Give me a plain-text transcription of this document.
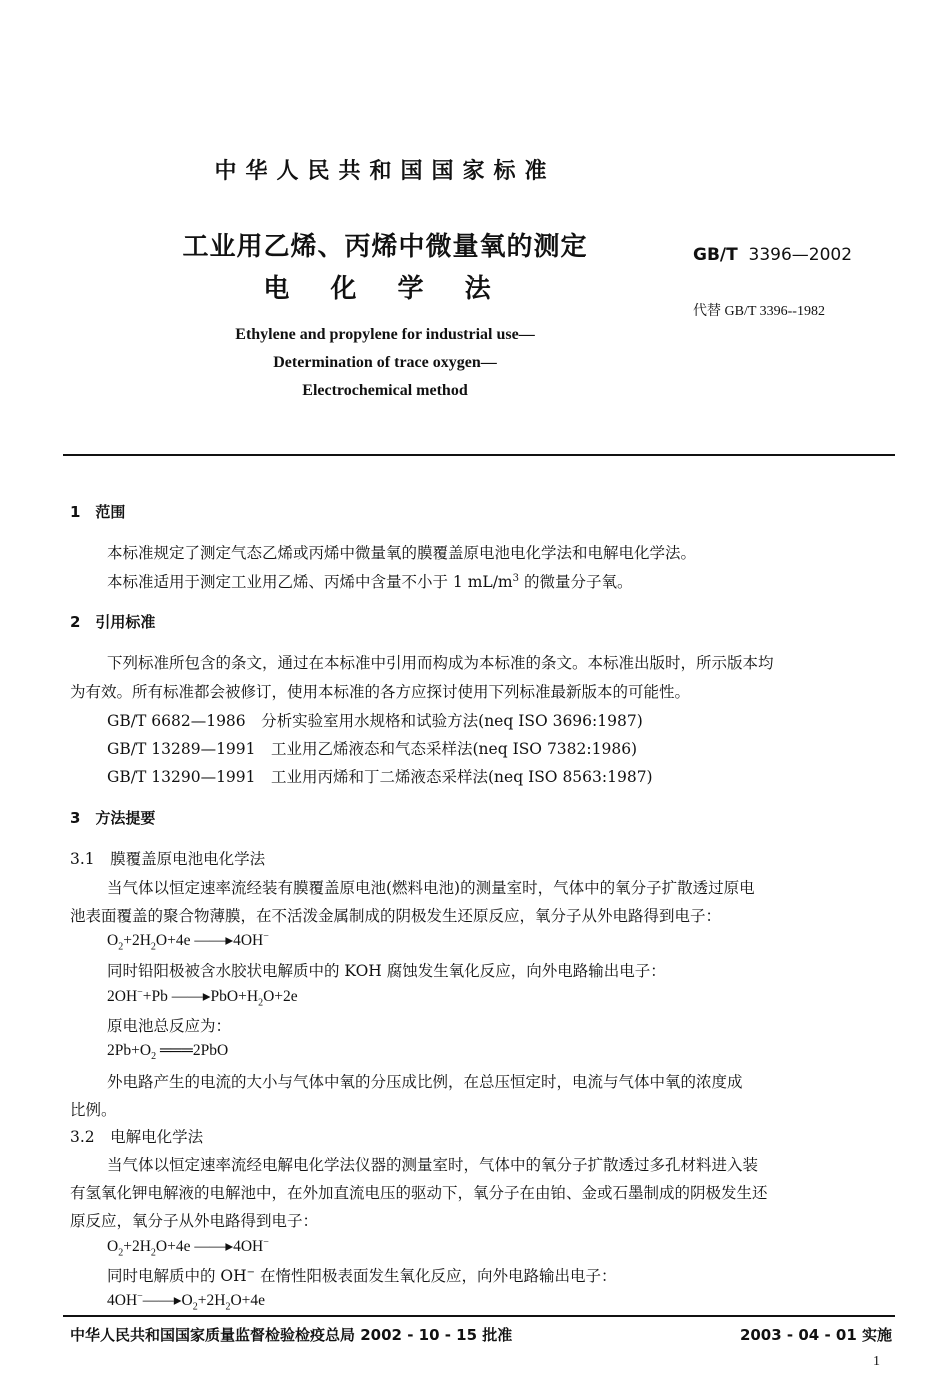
中华人民共和国国家标准
工业用乙烯、丙烯中微量氧的测定
电 化 学 法
Ethylene and propylene for industrial use—
Determination of trace oxygen—
Electrochemical method
GB/T 3396—2002
代替 GB/T 3396--1982
1　范围
本标准规定了测定气态乙烯或丙烯中微量氧的膜覆盖原电池电化学法和电解电化学法。
本标准适用于测定工业用乙烯、丙烯中含量不小于 1 $mL/m^3$ 的微量分子氧。
2　引用标准
下列标准所包含的条文，通过在本标准中引用而构成为本标准的条文。本标准出版时，所示版本均
为有效。所有标准都会被修订，使用本标准的各方应探讨使用下列标准最新版本的可能性。
GB/T 6682—1986　分析实验室用水规格和试验方法(neq ISO 3696:1987)
GB/T 13289—1991　工业用乙烯液态和气态采样法(neq ISO 7382:1986)
GB/T 13290—1991　工业用丙烯和丁二烯液态采样法(neq ISO 8563:1987)
3　方法提要
3.1　膜覆盖原电池电化学法
当气体以恒定速率流经装有膜覆盖原电池(燃料电池)的测量室时，气体中的氧分子扩散透过原电
池表面覆盖的聚合物薄膜，在不活泼金属制成的阴极发生还原反应，氧分子从外电路得到电子：
$O_2+2H_2O+4e$ ——▸4OH−
同时铅阳极被含水胶状电解质中的 KOH 腐蚀发生氧化反应，向外电路输出电子：
2OH−+Pb $——▸PbO+H_2O+2e$
原电池总反应为：
$2Pb+O_2$ ═══2PbO
外电路产生的电流的大小与气体中氧的分压成比例，在总压恒定时，电流与气体中氧的浓度成
比例。
3.2　电解电化学法
当气体以恒定速率流经电解电化学法仪器的测量室时，气体中的氧分子扩散透过多孔材料进入装
有氢氧化钾电解液的电解池中，在外加直流电压的驱动下，氧分子在由铂、金或石墨制成的阴极发生还
原反应，氧分子从外电路得到电子：
$O_2+2H_2O+4e$ ——▸4OH−
同时电解质中的 OH− 在惰性阳极表面发生氧化反应，向外电路输出电子：
$4OH^-——▸O_2+2H_2O+4e$
中华人民共和国国家质量监督检验检疫总局 2002 - 10 - 15 批准	2003 - 04 - 01 实施
1
